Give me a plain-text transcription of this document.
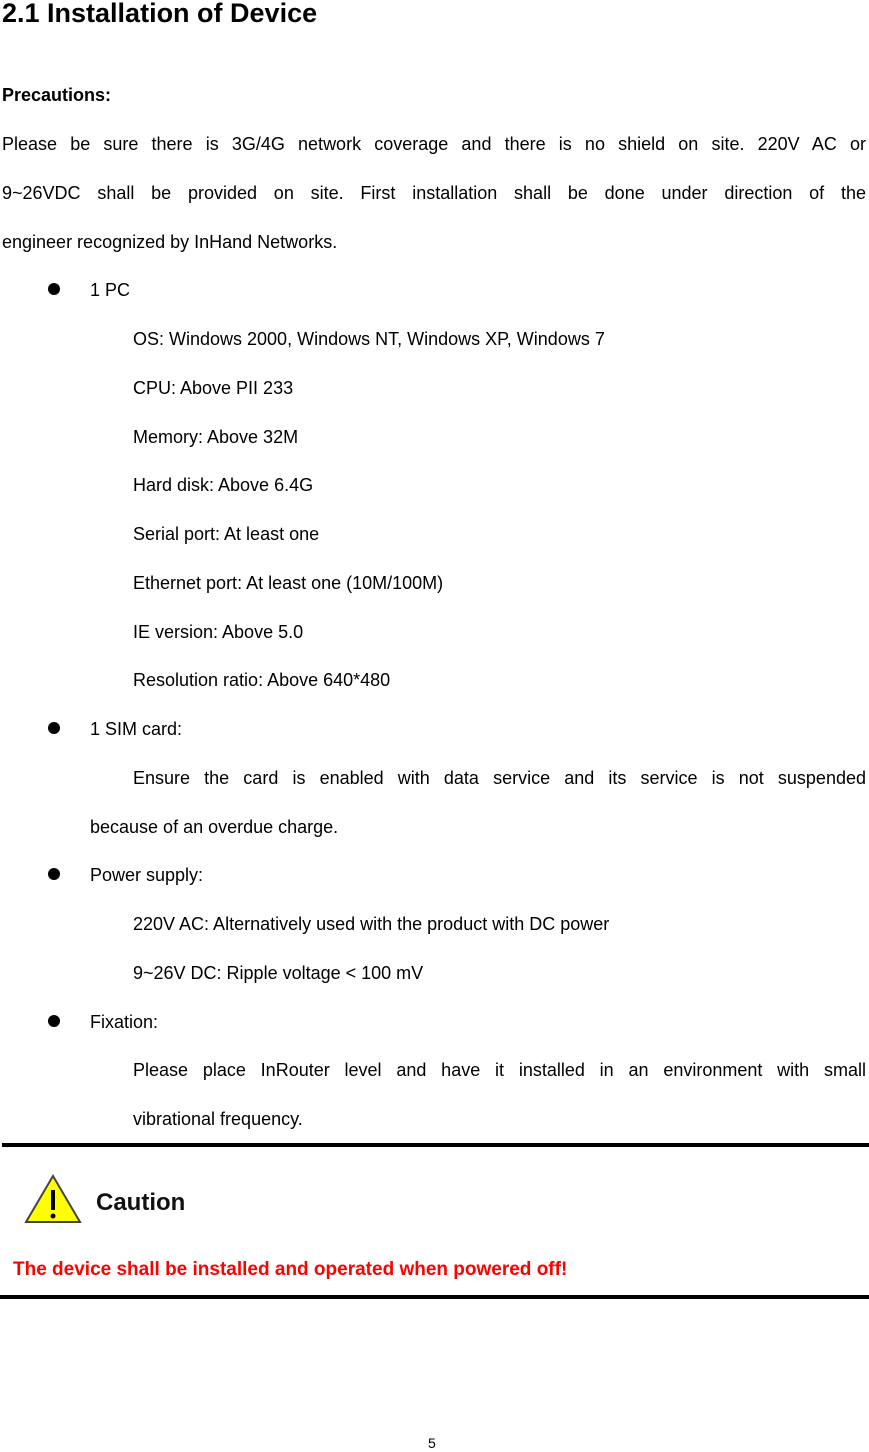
2.1 Installation of Device
Precautions:
Please be sure there is 3G/4G network coverage and there is no shield on site. 220V AC or
9~26VDC shall be provided on site. First installation shall be done under direction of the
engineer recognized by InHand Networks.
1 PC
OS: Windows 2000, Windows NT, Windows XP, Windows 7
CPU: Above PII 233
Memory: Above 32M
Hard disk: Above 6.4G
Serial port: At least one
Ethernet port: At least one (10M/100M)
IE version: Above 5.0
Resolution ratio: Above 640*480
1 SIM card:
Ensure the card is enabled with data service and its service is not suspended
because of an overdue charge.
Power supply:
220V AC: Alternatively used with the product with DC power
9~26V DC: Ripple voltage < 100 mV
Fixation:
Please place InRouter level and have it installed in an environment with small
vibrational frequency.
Caution
The device shall be installed and operated when powered off!
5
